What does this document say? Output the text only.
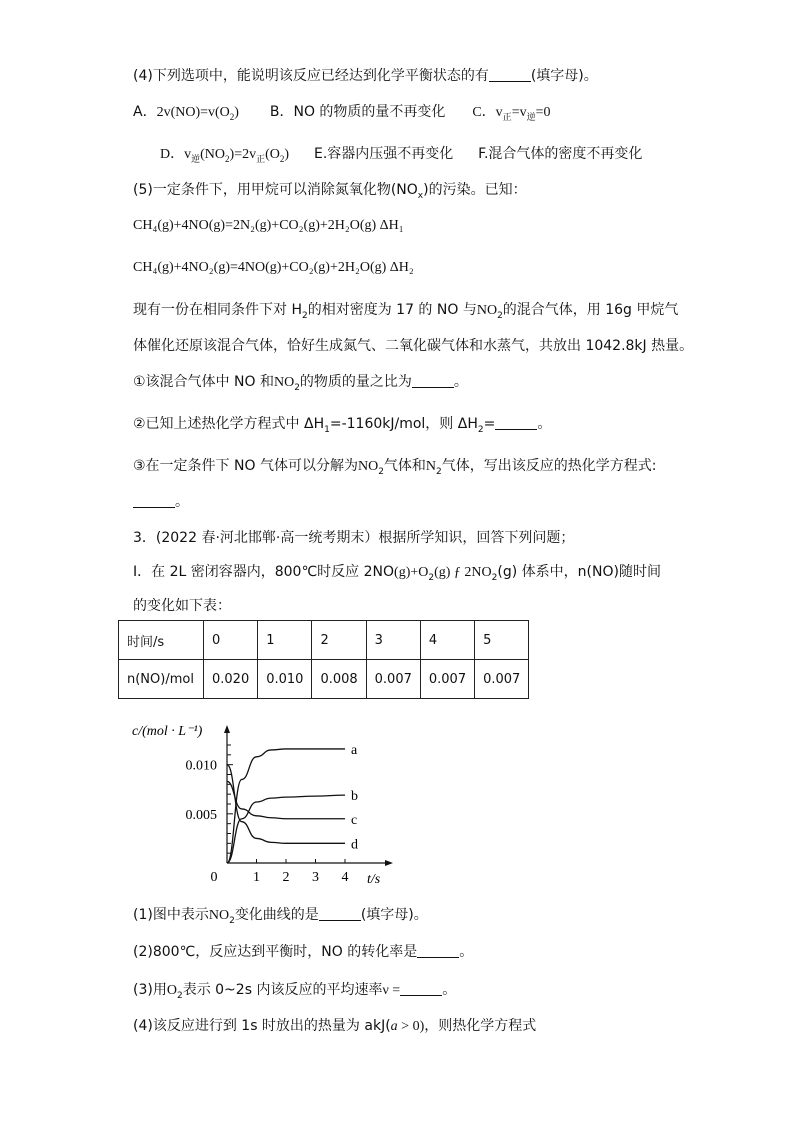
(4)下列选项中，能说明该反应已经达到化学平衡状态的有	(填字母)。
A．$2v(NO)=v(O_2)$ B．NO 的物质的量不再变化 C．$v_正=v_逆=0$
D．$v_逆(NO_2)=2v_正(O_2)$ E.容器内压强不再变化 F.混合气体的密度不再变化
(5)一定条件下，用甲烷可以消除氮氧化物$(NO_x)$的污染。已知：
CH₄(g)+4NO(g)=2N₂(g)+CO₂(g)+2H₂O(g) ΔH₁
CH₄(g)+4NO₂(g)=4NO(g)+CO₂(g)+2H₂O(g) ΔH₂
现有一份在相同条件下对 $H_2$的相对密度为 17 的 NO 与$NO_2$的混合气体，用 16g 甲烷气
体催化还原该混合气体，恰好生成氮气、二氧化碳气体和水蒸气，共放出 1042.8kJ 热量。
①该混合气体中 NO 和$NO_2$的物质的量之比为	。
②已知上述热化学方程式中 $\Delta H_1=-1160kJ$/mol，则 $\Delta H_2=$	。
③在一定条件下 NO 气体可以分解为$NO_2$气体和$N_2$气体，写出该反应的热化学方程式:
。
3．(2022 春·河北邯郸·高一统考期末）根据所学知识，回答下列问题；
I．在 2L 密闭容器内，800℃时反应 $2NO(g)+O_2(g)$ ƒ $2NO_2(g)$ 体系中，n(NO)随时间
的变化如下表：
时间/s	0	1	2	3	4	5
n(NO)/mol	0.020	0.010	0.008	0.007	0.007	0.007
0	1 2 3 4
0.005
0.010
c/(mol · L⁻¹)
t/s
a
b
c
d
(1)图中表示$NO_2$变化曲线的是	(填字母)。
(2)800℃，反应达到平衡时，NO 的转化率是	。
(3)用$O_2$表示 0~2s 内该反应的平均速率ν =	。
(4)该反应进行到 1s 时放出的热量为 akJ(a > 0)，则热化学方程式
